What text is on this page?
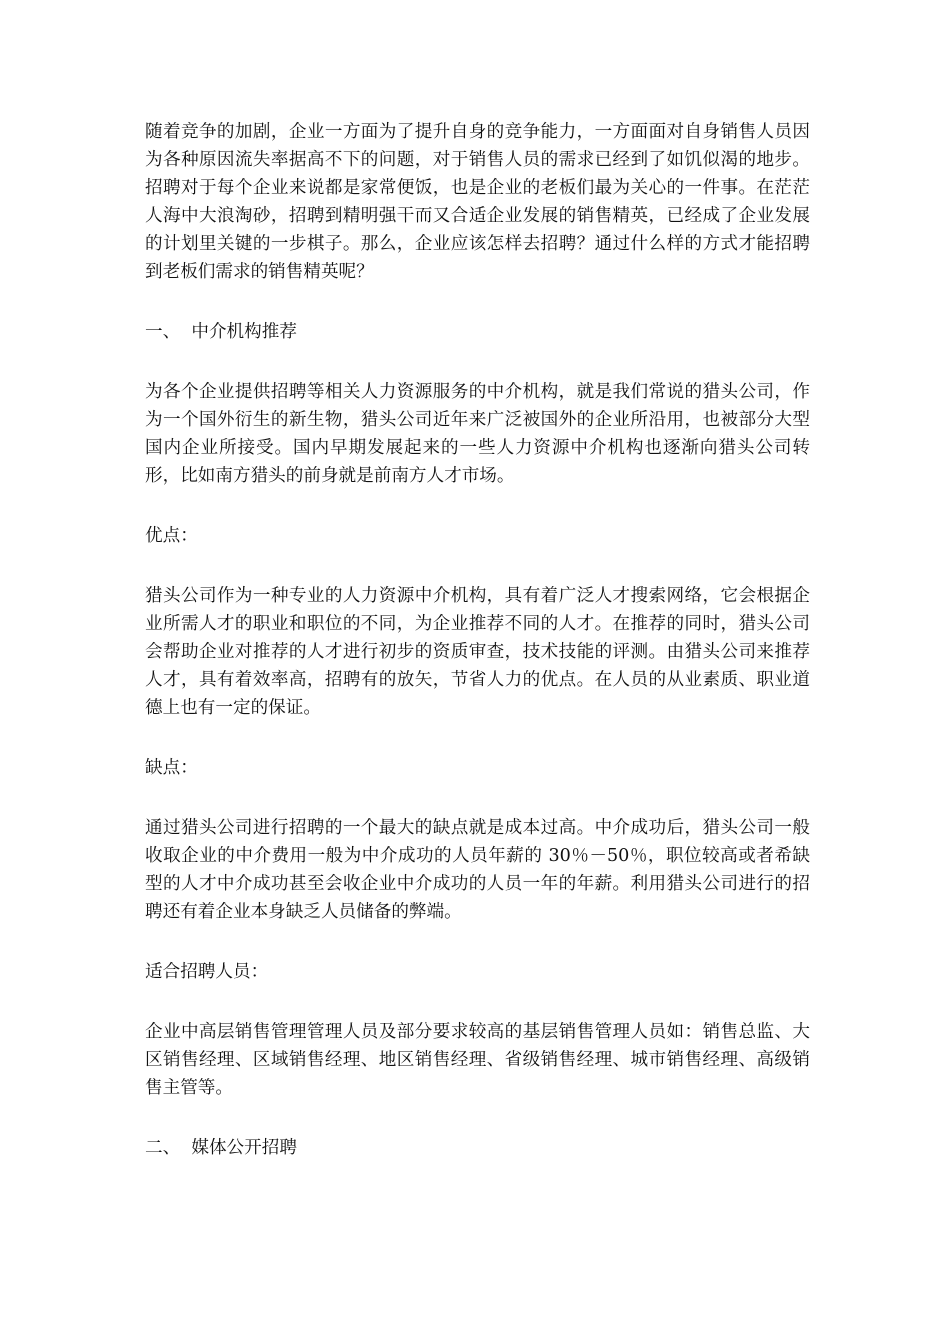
随着竞争的加剧，企业一方面为了提升自身的竞争能力，一方面面对自身销售人员因为各种原因流失率据高不下的问题，对于销售人员的需求已经到了如饥似渴的地步。招聘对于每个企业来说都是家常便饭，也是企业的老板们最为关心的一件事。在茫茫人海中大浪淘砂，招聘到精明强干而又合适企业发展的销售精英，已经成了企业发展的计划里关键的一步棋子。那么，企业应该怎样去招聘？通过什么样的方式才能招聘到老板们需求的销售精英呢？

一、  中介机构推荐

为各个企业提供招聘等相关人力资源服务的中介机构，就是我们常说的猎头公司，作为一个国外衍生的新生物，猎头公司近年来广泛被国外的企业所沿用，也被部分大型国内企业所接受。国内早期发展起来的一些人力资源中介机构也逐渐向猎头公司转形，比如南方猎头的前身就是前南方人才市场。

优点：

猎头公司作为一种专业的人力资源中介机构，具有着广泛人才搜索网络，它会根据企业所需人才的职业和职位的不同，为企业推荐不同的人才。在推荐的同时，猎头公司会帮助企业对推荐的人才进行初步的资质审查，技术技能的评测。由猎头公司来推荐人才，具有着效率高，招聘有的放矢，节省人力的优点。在人员的从业素质、职业道德上也有一定的保证。

缺点：

通过猎头公司进行招聘的一个最大的缺点就是成本过高。中介成功后，猎头公司一般收取企业的中介费用一般为中介成功的人员年薪的 30％－50％，职位较高或者希缺型的人才中介成功甚至会收企业中介成功的人员一年的年薪。利用猎头公司进行的招聘还有着企业本身缺乏人员储备的弊端。

适合招聘人员：

企业中高层销售管理管理人员及部分要求较高的基层销售管理人员如：销售总监、大区销售经理、区域销售经理、地区销售经理、省级销售经理、城市销售经理、高级销售主管等。

二、  媒体公开招聘
